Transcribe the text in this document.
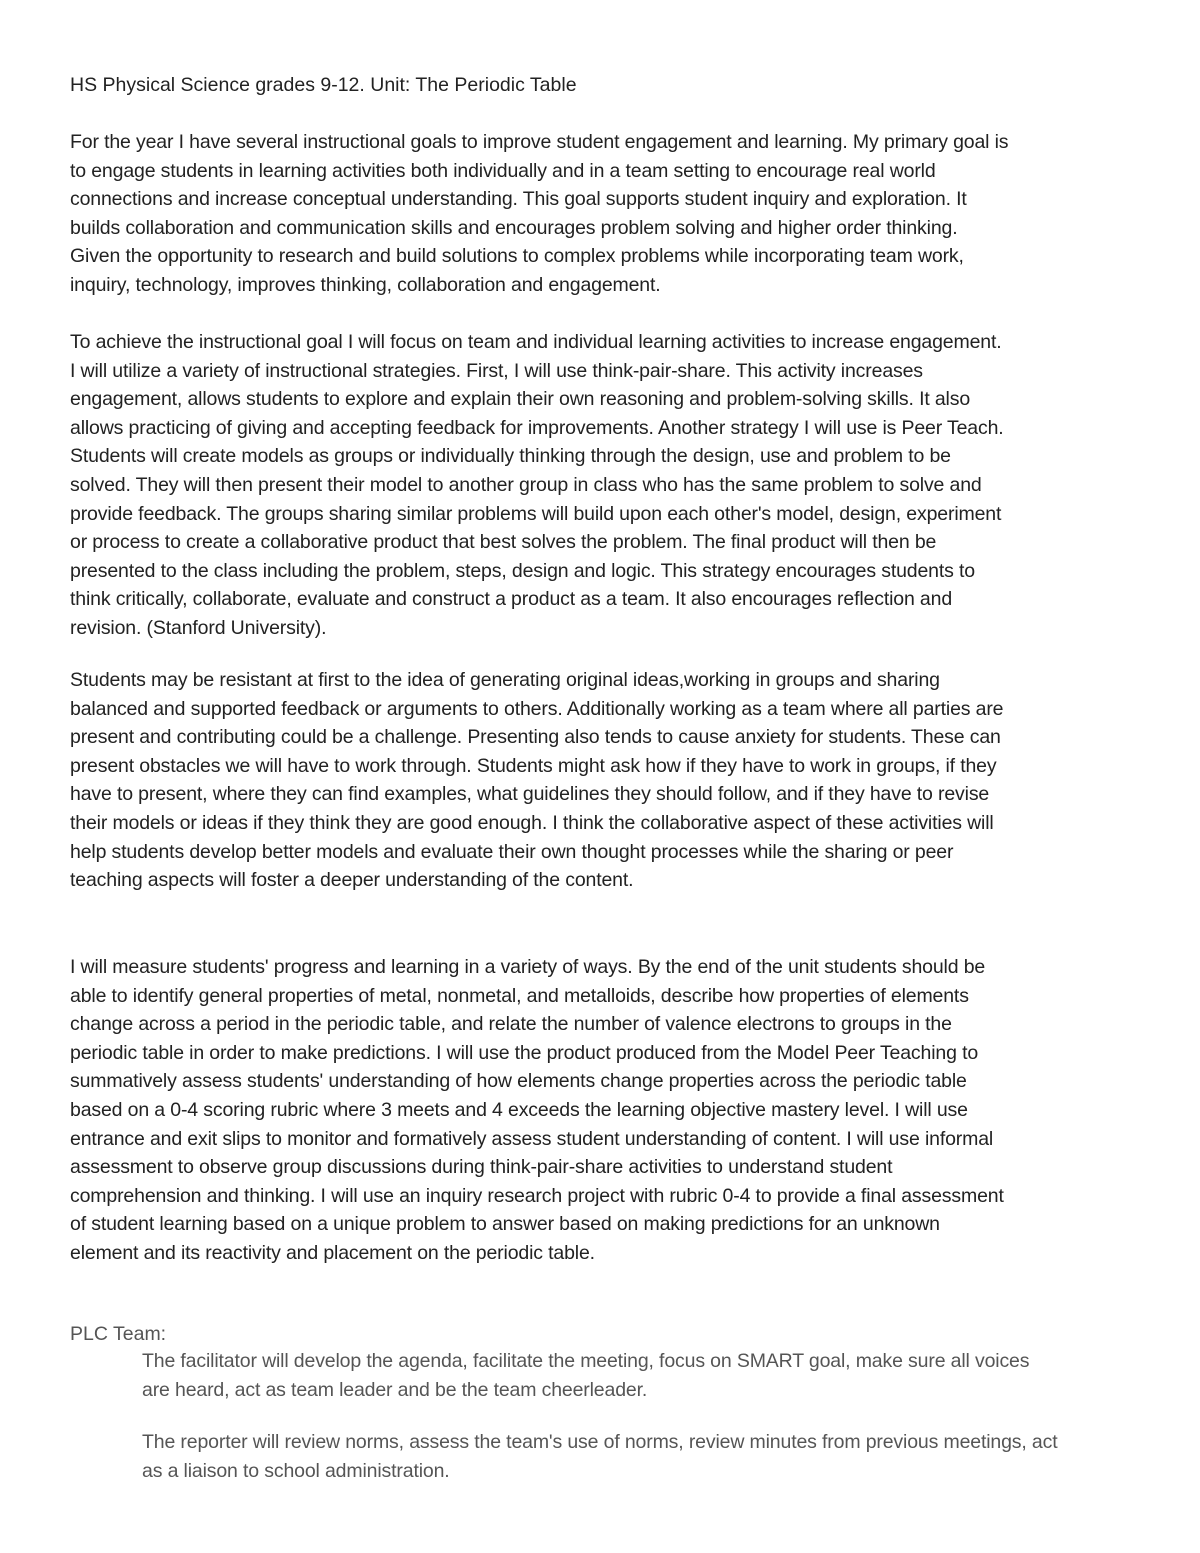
HS Physical Science grades 9-12. Unit: The Periodic Table

For the year I have several instructional goals to improve student engagement and learning. My primary goal is
to engage students in learning activities both individually and in a team setting to encourage real world
connections and increase conceptual understanding. This goal supports student inquiry and exploration. It
builds collaboration and communication skills and encourages problem solving and higher order thinking.
Given the opportunity to research and build solutions to complex problems while incorporating team work,
inquiry, technology, improves thinking, collaboration and engagement.

To achieve the instructional goal I will focus on team and individual learning activities to increase engagement.
I will utilize a variety of instructional strategies. First, I will use think-pair-share. This activity increases
engagement, allows students to explore and explain their own reasoning and problem-solving skills. It also
allows practicing of giving and accepting feedback for improvements. Another strategy I will use is Peer Teach.
Students will create models as groups or individually thinking through the design, use and problem to be
solved. They will then present their model to another group in class who has the same problem to solve and
provide feedback. The groups sharing similar problems will build upon each other's model, design, experiment
or process to create a collaborative product that best solves the problem. The final product will then be
presented to the class including the problem, steps, design and logic. This strategy encourages students to
think critically, collaborate, evaluate and construct a product as a team. It also encourages reflection and
revision. (Stanford University).

Students may be resistant at first to the idea of generating original ideas,working in groups and sharing
balanced and supported feedback or arguments to others. Additionally working as a team where all parties are
present and contributing could be a challenge. Presenting also tends to cause anxiety for students. These can
present obstacles we will have to work through. Students might ask how if they have to work in groups, if they
have to present, where they can find examples, what guidelines they should follow, and if they have to revise
their models or ideas if they think they are good enough. I think the collaborative aspect of these activities will
help students develop better models and evaluate their own thought processes while the sharing or peer
teaching aspects will foster a deeper understanding of the content.

I will measure students' progress and learning in a variety of ways. By the end of the unit students should be
able to identify general properties of metal, nonmetal, and metalloids, describe how properties of elements
change across a period in the periodic table, and relate the number of valence electrons to groups in the
periodic table in order to make predictions. I will use the product produced from the Model Peer Teaching to
summatively assess students' understanding of how elements change properties across the periodic table
based on a 0-4 scoring rubric where 3 meets and 4 exceeds the learning objective mastery level. I will use
entrance and exit slips to monitor and formatively assess student understanding of content. I will use informal
assessment to observe group discussions during think-pair-share activities to understand student
comprehension and thinking. I will use an inquiry research project with rubric 0-4 to provide a final assessment
of student learning based on a unique problem to answer based on making predictions for an unknown
element and its reactivity and placement on the periodic table.

PLC Team:

The facilitator will develop the agenda, facilitate the meeting, focus on SMART goal, make sure all voices
are heard, act as team leader and be the team cheerleader.

The reporter will review norms, assess the team's use of norms, review minutes from previous meetings, act
as a liaison to school administration.
